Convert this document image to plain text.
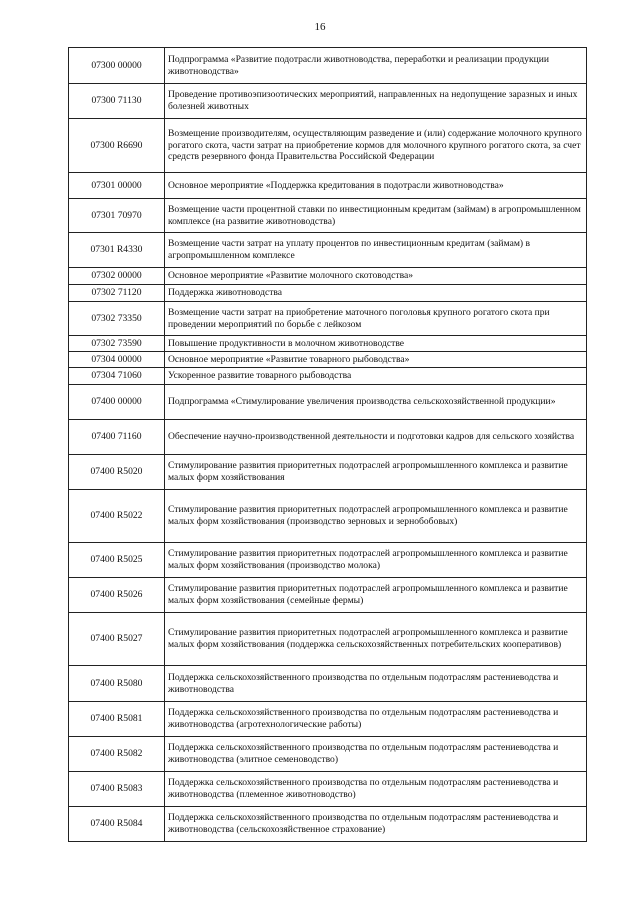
16
07300 00000	Подпрограмма «Развитие подотрасли животноводства, переработки и реализации продукции животноводства»
07300 71130	Проведение противоэпизоотических мероприятий, направленных на недопущение заразных и иных болезней животных
07300 R6690	Возмещение производителям, осуществляющим разведение и (или) содержание молочного крупного рогатого скота, части затрат на приобретение кормов для молочного крупного рогатого скота, за счет средств резервного фонда Правительства Российской Федерации
07301 00000	Основное мероприятие «Поддержка кредитования в подотрасли животноводства»
07301 70970	Возмещение части процентной ставки по инвестиционным кредитам (займам) в агропромышленном комплексе (на развитие животноводства)
07301 R4330	Возмещение части затрат на уплату процентов по инвестиционным кредитам (займам) в агропромышленном комплексе
07302 00000	Основное мероприятие «Развитие молочного скотоводства»
07302 71120	Поддержка животноводства
07302 73350	Возмещение части затрат на приобретение маточного поголовья крупного рогатого скота при проведении мероприятий по борьбе с лейкозом
07302 73590	Повышение продуктивности в молочном животноводстве
07304 00000	Основное мероприятие «Развитие товарного рыбоводства»
07304 71060	Ускоренное развитие товарного рыбоводства
07400 00000	Подпрограмма «Стимулирование увеличения производства сельскохозяйственной продукции»
07400 71160	Обеспечение научно-производственной деятельности и подготовки кадров для сельского хозяйства
07400 R5020	Стимулирование развития приоритетных подотраслей агропромышленного комплекса и развитие малых форм хозяйствования
07400 R5022	Стимулирование развития приоритетных подотраслей агропромышленного комплекса и развитие малых форм хозяйствования (производство зерновых и зернобобовых)
07400 R5025	Стимулирование развития приоритетных подотраслей агропромышленного комплекса и развитие малых форм хозяйствования (производство молока)
07400 R5026	Стимулирование развития приоритетных подотраслей агропромышленного комплекса и развитие малых форм хозяйствования (семейные фермы)
07400 R5027	Стимулирование развития приоритетных подотраслей агропромышленного комплекса и развитие малых форм хозяйствования (поддержка сельскохозяйственных потребительских кооперативов)
07400 R5080	Поддержка сельскохозяйственного производства по отдельным подотраслям растениеводства и животноводства
07400 R5081	Поддержка сельскохозяйственного производства по отдельным подотраслям растениеводства и животноводства (агротехнологические работы)
07400 R5082	Поддержка сельскохозяйственного производства по отдельным подотраслям растениеводства и животноводства (элитное семеноводство)
07400 R5083	Поддержка сельскохозяйственного производства по отдельным подотраслям растениеводства и животноводства (племенное животноводство)
07400 R5084	Поддержка сельскохозяйственного производства по отдельным подотраслям растениеводства и животноводства (сельскохозяйственное страхование)
